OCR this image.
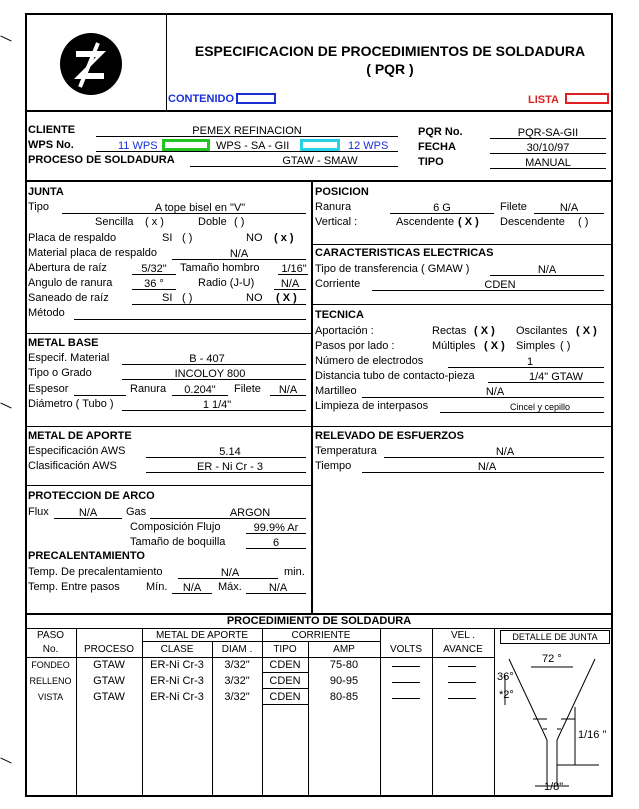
ESPECIFICACION DE PROCEDIMIENTOS DE SOLDADURA
( PQR )
CONTENIDO	LISTA
CLIENTE	PEMEX REFINACION
WPS No.	11 WPS	WPS - SA - GII	12 WPS
PROCESO DE SOLDADURA	GTAW - SMAW
PQR No.	PQR-SA-GII
FECHA	30/10/97
TIPO	MANUAL
JUNTA
Tipo	A tope bisel en "V"
Sencilla ( x )	Doble ( )
Placa de respaldo	SI ( )	NO ( x )
Material placa de respaldo	N/A
Abertura de raíz	5/32"	Tamaño hombro	1/16"
Angulo de ranura	36 °	Radio (J-U)	N/A
Saneado de raíz	SI ( )	NO ( X )
Método
POSICION
Ranura	6 G	Filete	N/A
Vertical :	Ascendente ( X ) Descendente ( )
CARACTERISTICAS ELECTRICAS
Tipo de transferencia ( GMAW )	N/A
Corriente	CDEN
TECNICA
Aportación :	Rectas ( X ) Oscilantes ( X )
Pasos por lado :	Múltiples ( X ) Simples ( )
Número de electrodos	1
Distancia tubo de contacto-pieza	1/4" GTAW
Martilleo	N/A
Limpieza de interpasos	Cincel y cepillo
METAL BASE
Especif. Material	B - 407
Tipo o Grado	INCOLOY 800
Espesor	Ranura	0.204"	Filete	N/A
Diámetro ( Tubo )	1 1/4"
METAL DE APORTE
Especificación AWS	5.14
Clasificación AWS	ER - Ni Cr - 3
RELEVADO DE ESFUERZOS
Temperatura	N/A
Tiempo	N/A
PROTECCION DE ARCO
Flux	N/A	Gas	ARGON
Composición Flujo	99.9% Ar
Tamaño de boquilla	6
PRECALENTAMIENTO
Temp. De precalentamiento	N/A	min.
Temp. Entre pasos Mín.	N/A	Máx.	N/A
PROCEDIMIENTO DE SOLDADURA
PASO
No.	PROCESO
METAL DE APORTE
CLASE	DIAM .
CORRIENTE
TIPO	AMP	VOLTS
VEL .
AVANCE
DETALLE DE JUNTA
FONDEO	GTAW	ER-Ni Cr-3	3/32"	CDEN	75-80
RELLENO	GTAW	ER-Ni Cr-3	3/32"	CDEN	90-95
VISTA	GTAW	ER-Ni Cr-3	3/32"	CDEN	80-85
72 °
36°
*2°
1/16 "
1/8"
